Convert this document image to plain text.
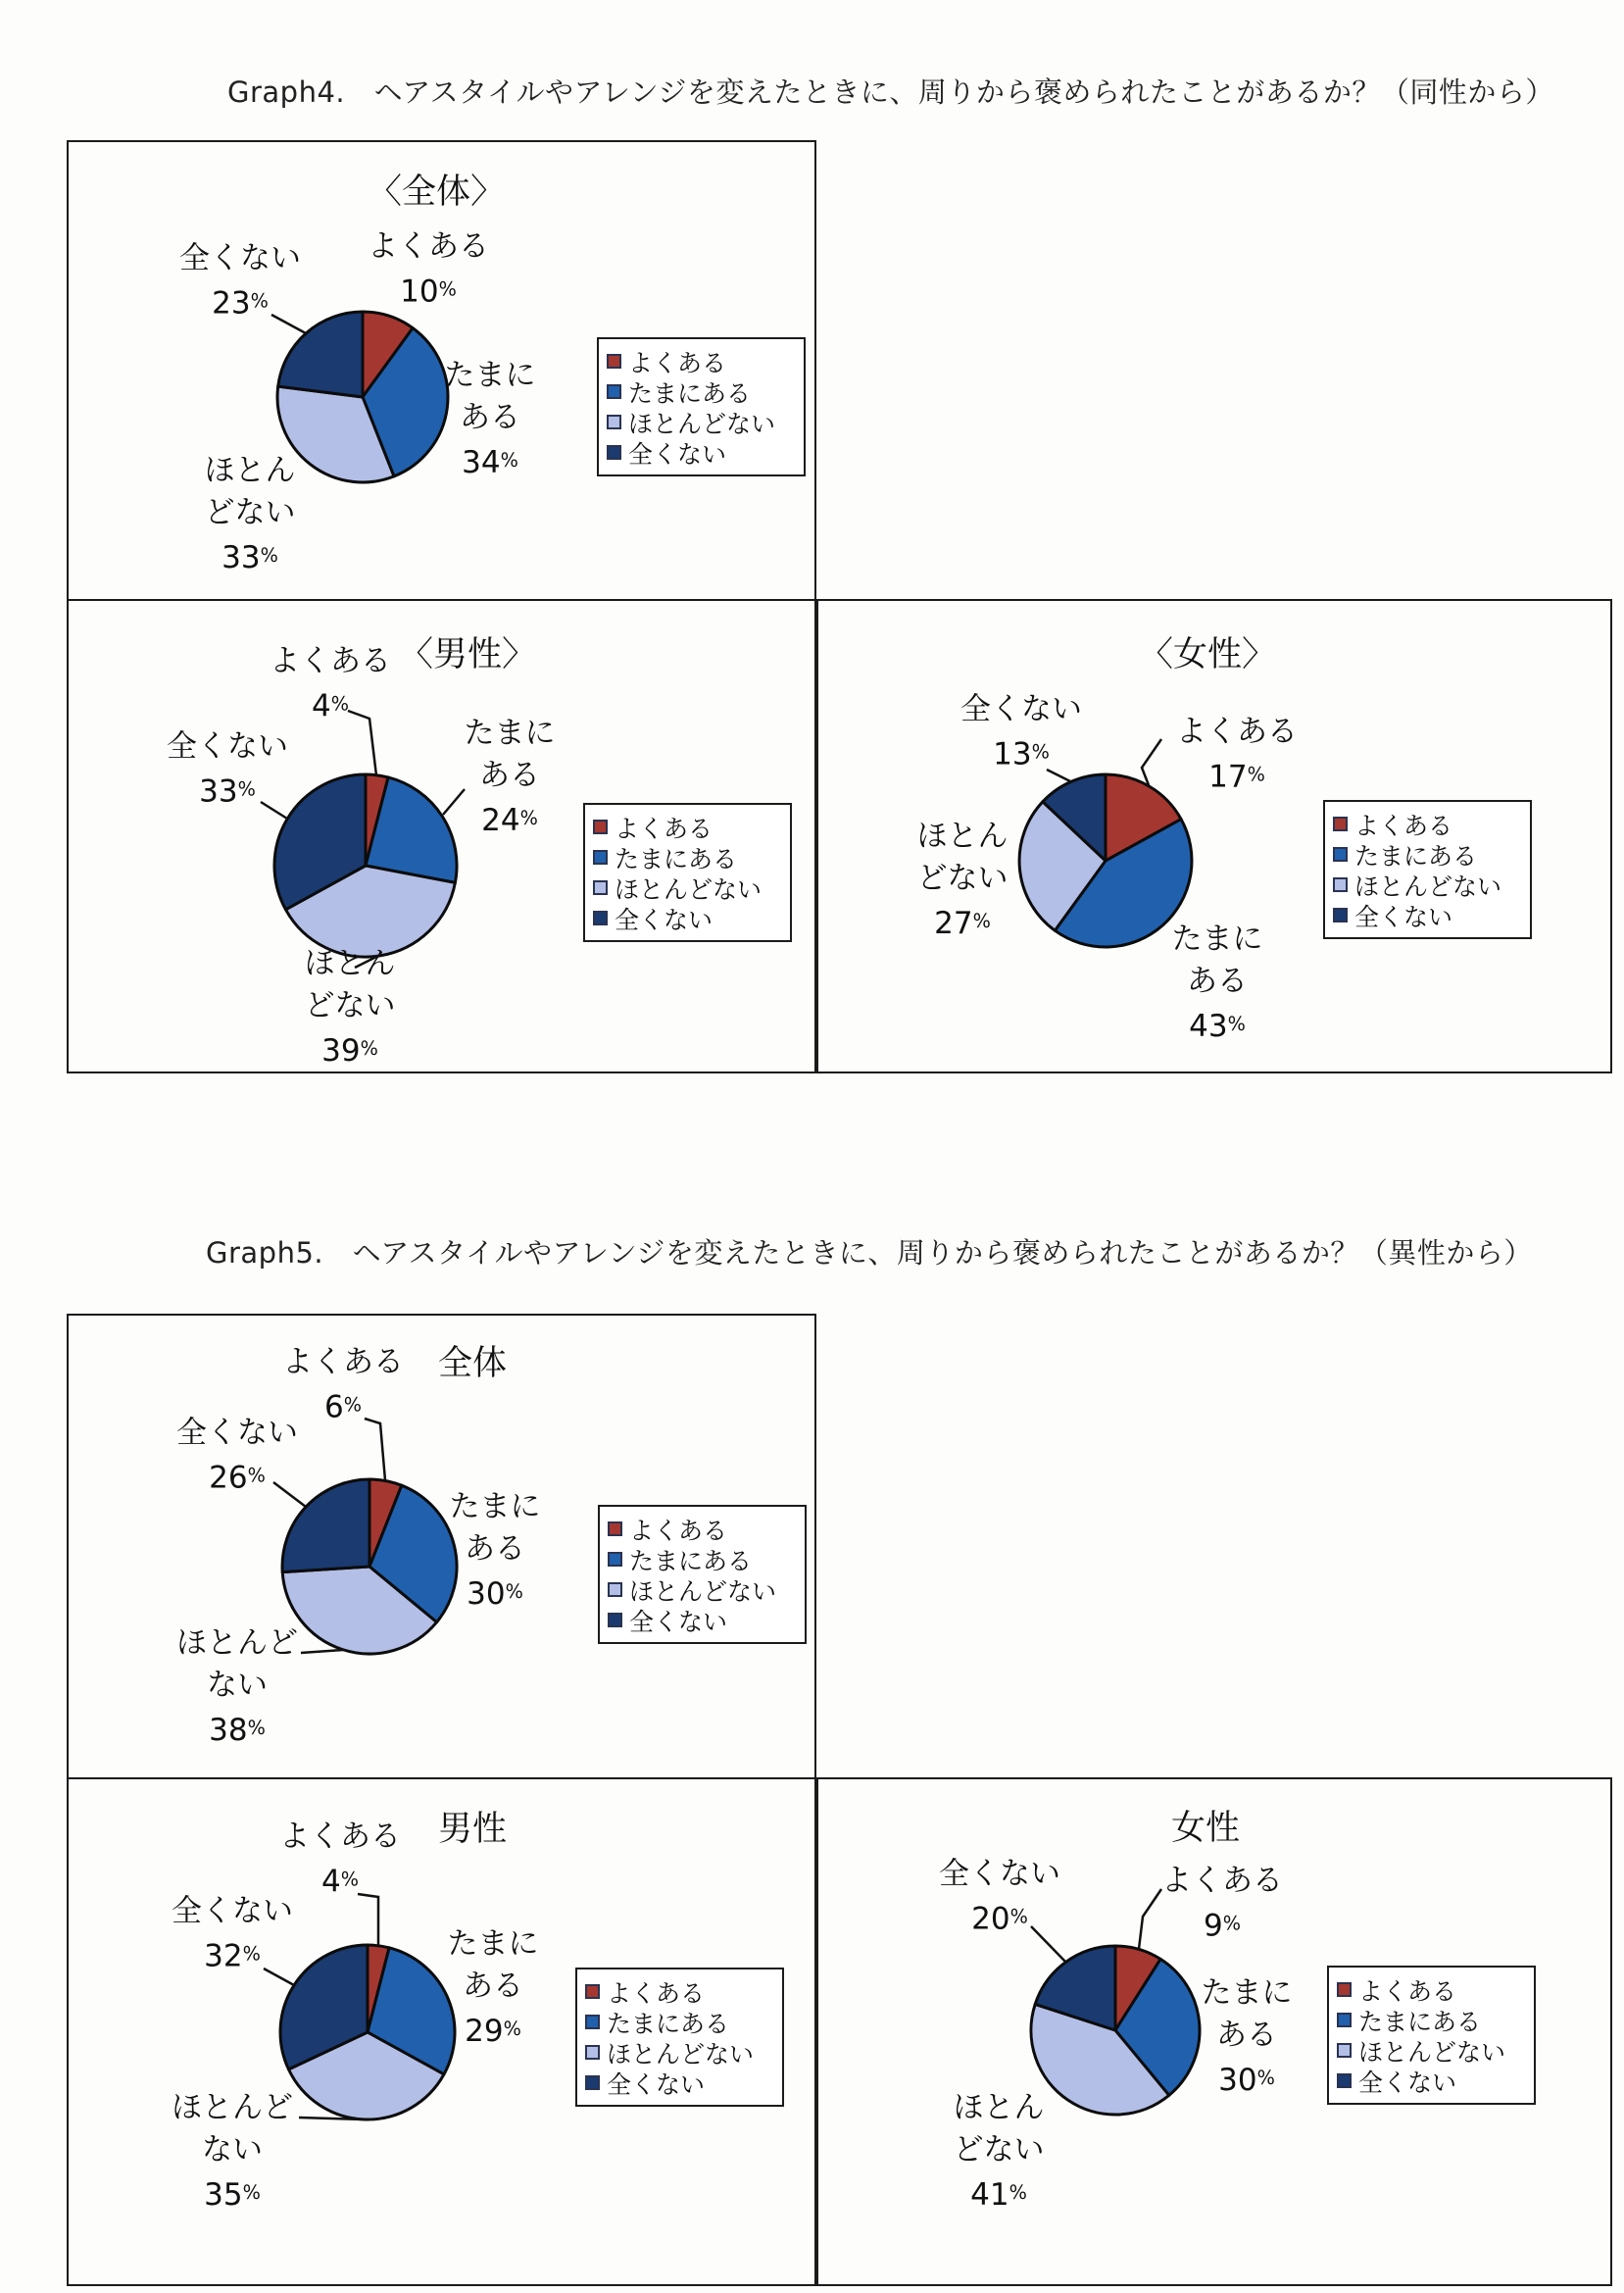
Graph4.　ヘアスタイルやアレンジを変えたときに、周りから褒められたことがあるか？（同性から）
Graph5.　ヘアスタイルやアレンジを変えたときに、周りから褒められたことがあるか？（異性から）
〈全体〉
よくある
10%
たまに
ある
34%
ほとん
どない
33%
全くない
23%
よくある
たまにある
ほとんどない
全くない
〈男性〉
よくある
4%
たまに
ある
24%
ほとん
どない
39%
全くない
33%
よくある
たまにある
ほとんどない
全くない
〈女性〉
よくある
17%
たまに
ある
43%
ほとん
どない
27%
全くない
13%
よくある
たまにある
ほとんどない
全くない
全体
よくある
6%
たまに
ある
30%
ほとんど
ない
38%
全くない
26%
よくある
たまにある
ほとんどない
全くない
男性
よくある
4%
たまに
ある
29%
ほとんど
ない
35%
全くない
32%
よくある
たまにある
ほとんどない
全くない
女性
よくある
9%
たまに
ある
30%
ほとん
どない
41%
全くない
20%
よくある
たまにある
ほとんどない
全くない
